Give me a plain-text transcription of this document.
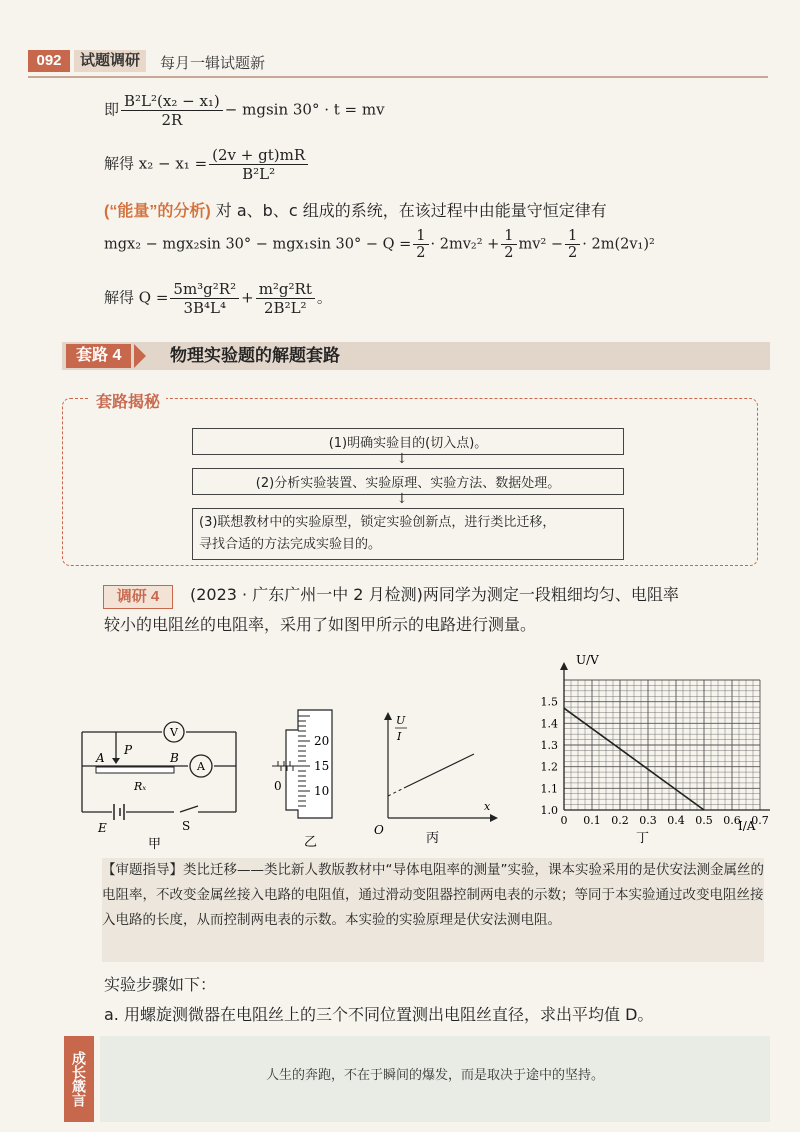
092	试题调研	每月一辑试题新
即 $\frac{\text{B²L²(x₂ − x₁)}}{2R} - mgsin$ 30° · t = mv
解得 $x_2 - x_1 = \frac{(2v + gt)mR}{\text{B²L²}}$
(“能量”的分析) 对 a、b、c 组成的系统，在该过程中由能量守恒定律有
mgx₂ − mgx₂sin 30° − mgx₁sin $30^\circ - Q = \frac{1}{2} \cdot 2mv_2^2 + \frac{1}{2} mv^2 - \frac{1}{2} \cdot 2m(2v_1)^2$
解得 $Q = \frac{\text{5m³g²R²}}{\text{3B⁴L⁴}} + \frac{\text{m²g²Rt}}{\text{2B²L²}}$ 。
套路 4	物理实验题的解题套路
套路揭秘
(1)明确实验目的(切入点)。
↓
(2)分析实验装置、实验原理、实验方法、数据处理。
↓
(3)联想教材中的实验原型，锁定实验创新点，进行类比迁移，
寻找合适的方法完成实验目的。
调研 4	(2023 · 广东广州一中 2 月检测)两同学为测定一段粗细均匀、电阻率
较小的电阻丝的电阻率，采用了如图甲所示的电路进行测量。
V
A
A
P
B
Rₓ
E	S
甲
20
15
10
0
乙
U
I
x
O
丙
0 0.1 0.2 0.3 0.4 0.5 0.6 0.7
1.0
1.1
1.2
1.3
1.4
1.5
U/V
I/A
丁
【审题指导】类比迁移——类比新人教版教材中“导体电阻率的测量”实验，课本实验采用的是伏安法测金属丝的电阻率，不改变金属丝接入电路的电阻值，通过滑动变阻器控制两电表的示数；等同于本实验通过改变电阻丝接入电路的长度，从而控制两电表的示数。本实验的实验原理是伏安法测电阻。
实验步骤如下：
a. 用螺旋测微器在电阻丝上的三个不同位置测出电阻丝直径，求出平均值 D。
成长箴言	人生的奔跑，不在于瞬间的爆发，而是取决于途中的坚持。
